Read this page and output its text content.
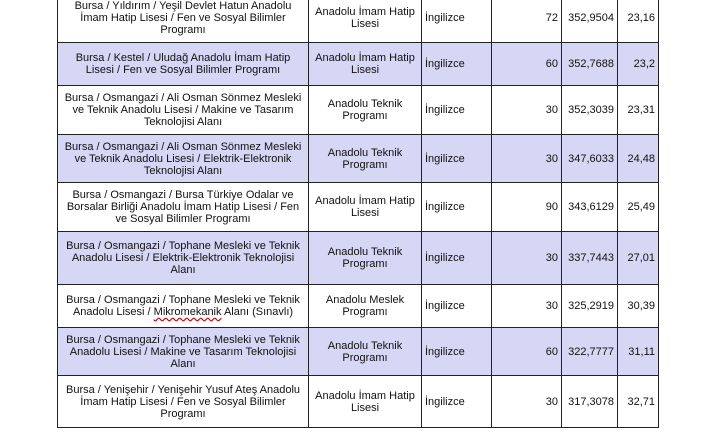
Bursa / Yıldırım / Yeşil Devlet Hatun Anadolu
İmam Hatip Lisesi / Fen ve Sosyal Bilimler
Programı	Anadolu İmam Hatip
Lisesi	İngilizce	72	352,9504	23,16
Bursa / Kestel / Uludağ Anadolu İmam Hatip
Lisesi / Fen ve Sosyal Bilimler Programı	Anadolu İmam Hatip
Lisesi	İngilizce	60	352,7688	23,2
Bursa / Osmangazi / Ali Osman Sönmez Mesleki
ve Teknik Anadolu Lisesi / Makine ve Tasarım
Teknolojisi Alanı	Anadolu Teknik
Programı	İngilizce	30	352,3039	23,31
Bursa / Osmangazi / Ali Osman Sönmez Mesleki
ve Teknik Anadolu Lisesi / Elektrik-Elektronik
Teknolojisi Alanı	Anadolu Teknik
Programı	İngilizce	30	347,6033	24,48
Bursa / Osmangazi / Bursa Türkiye Odalar ve
Borsalar Birliği Anadolu İmam Hatip Lisesi / Fen
ve Sosyal Bilimler Programı	Anadolu İmam Hatip
Lisesi	İngilizce	90	343,6129	25,49
Bursa / Osmangazi / Tophane Mesleki ve Teknik
Anadolu Lisesi / Elektrik-Elektronik Teknolojisi
Alanı	Anadolu Teknik
Programı	İngilizce	30	337,7443	27,01
Bursa / Osmangazi / Tophane Mesleki ve Teknik
Anadolu Lisesi / Mikromekanik Alanı (Sınavlı)	Anadolu Meslek
Programı	İngilizce	30	325,2919	30,39
Bursa / Osmangazi / Tophane Mesleki ve Teknik
Anadolu Lisesi / Makine ve Tasarım Teknolojisi
Alanı	Anadolu Teknik
Programı	İngilizce	60	322,7777	31,11
Bursa / Yenişehir / Yenişehir Yusuf Ateş Anadolu
İmam Hatip Lisesi / Fen ve Sosyal Bilimler
Programı	Anadolu İmam Hatip
Lisesi	İngilizce	30	317,3078	32,71
